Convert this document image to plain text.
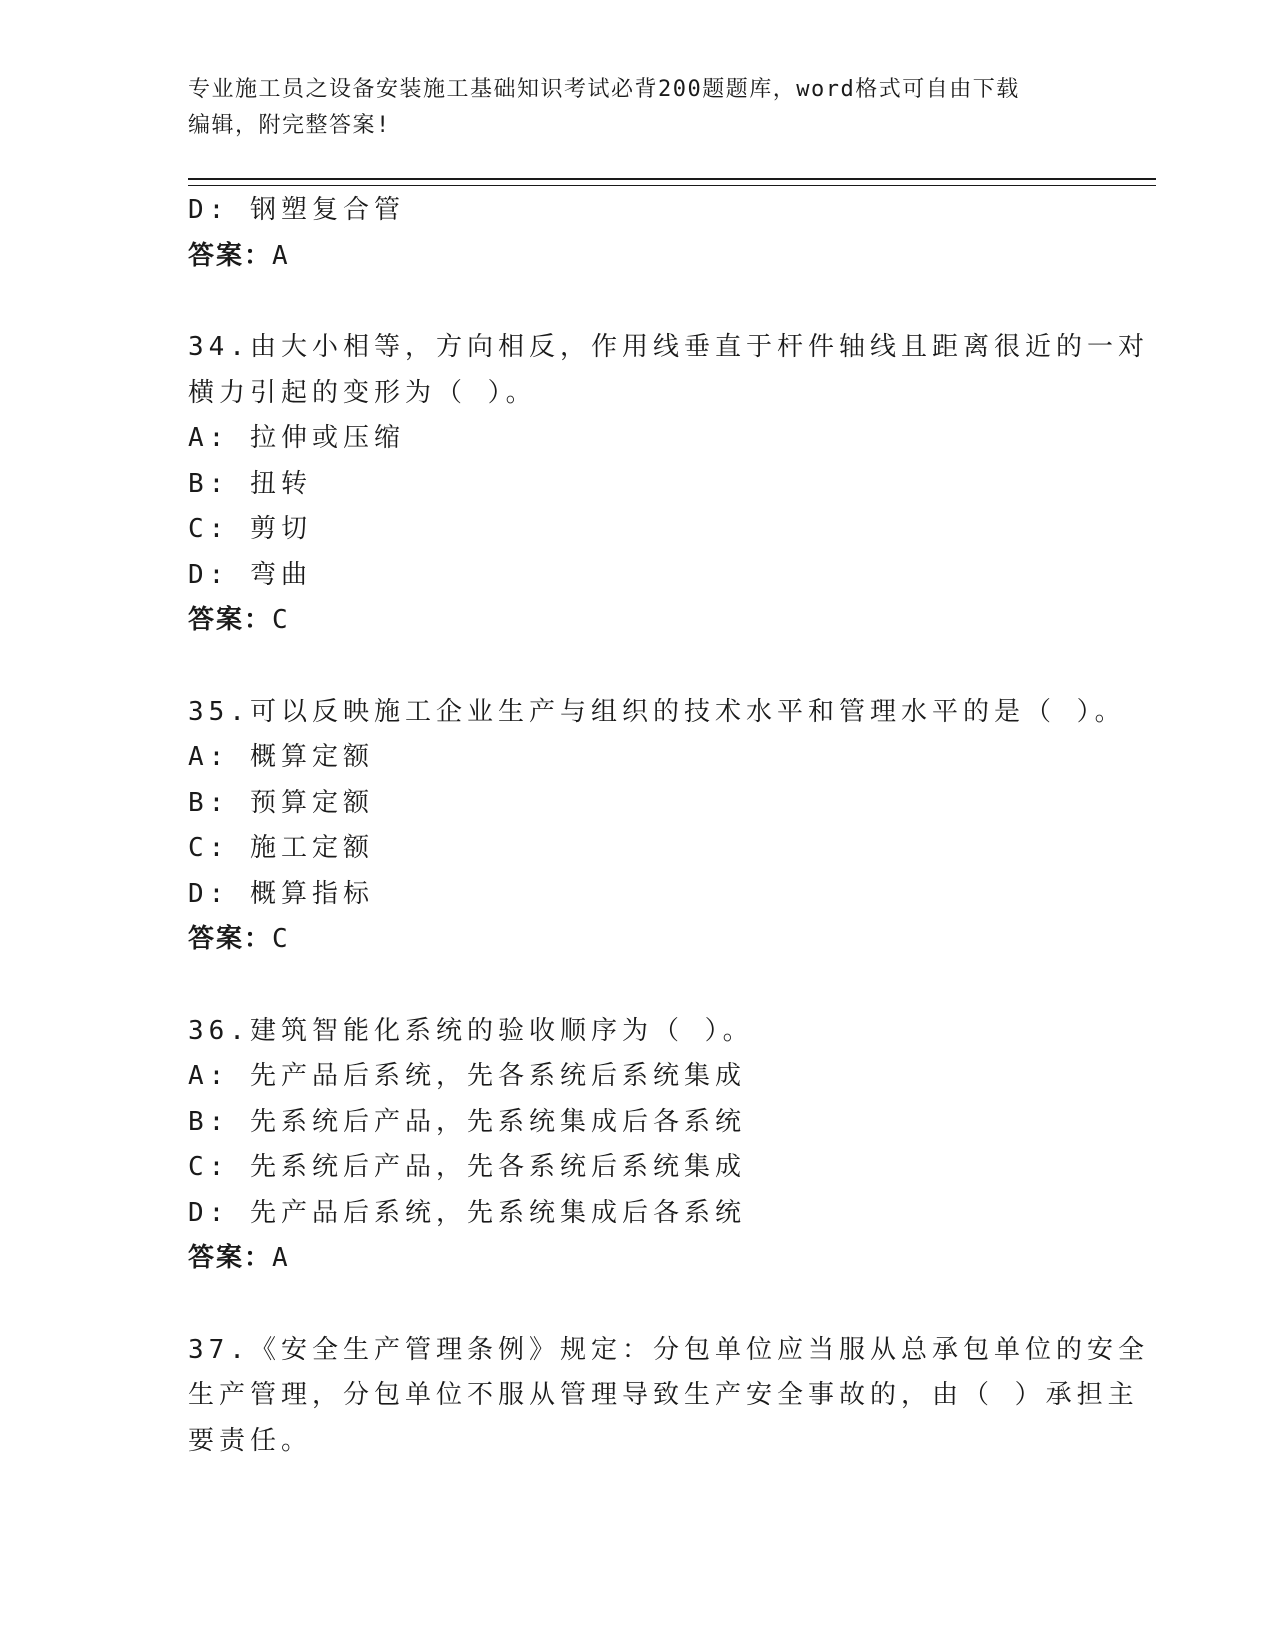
专业施工员之设备安装施工基础知识考试必背200题题库，word格式可自由下载
编辑，附完整答案!
D: 钢塑复合管
答案：A
34.由大小相等，方向相反，作用线垂直于杆件轴线且距离很近的一对
横力引起的变形为（ ）。
A: 拉伸或压缩
B: 扭转
C: 剪切
D: 弯曲
答案：C
35.可以反映施工企业生产与组织的技术水平和管理水平的是（ ）。
A: 概算定额
B: 预算定额
C: 施工定额
D: 概算指标
答案：C
36.建筑智能化系统的验收顺序为（ ）。
A: 先产品后系统，先各系统后系统集成
B: 先系统后产品，先系统集成后各系统
C: 先系统后产品，先各系统后系统集成
D: 先产品后系统，先系统集成后各系统
答案：A
37.《安全生产管理条例》规定：分包单位应当服从总承包单位的安全
生产管理，分包单位不服从管理导致生产安全事故的，由（ ）承担主
要责任。
